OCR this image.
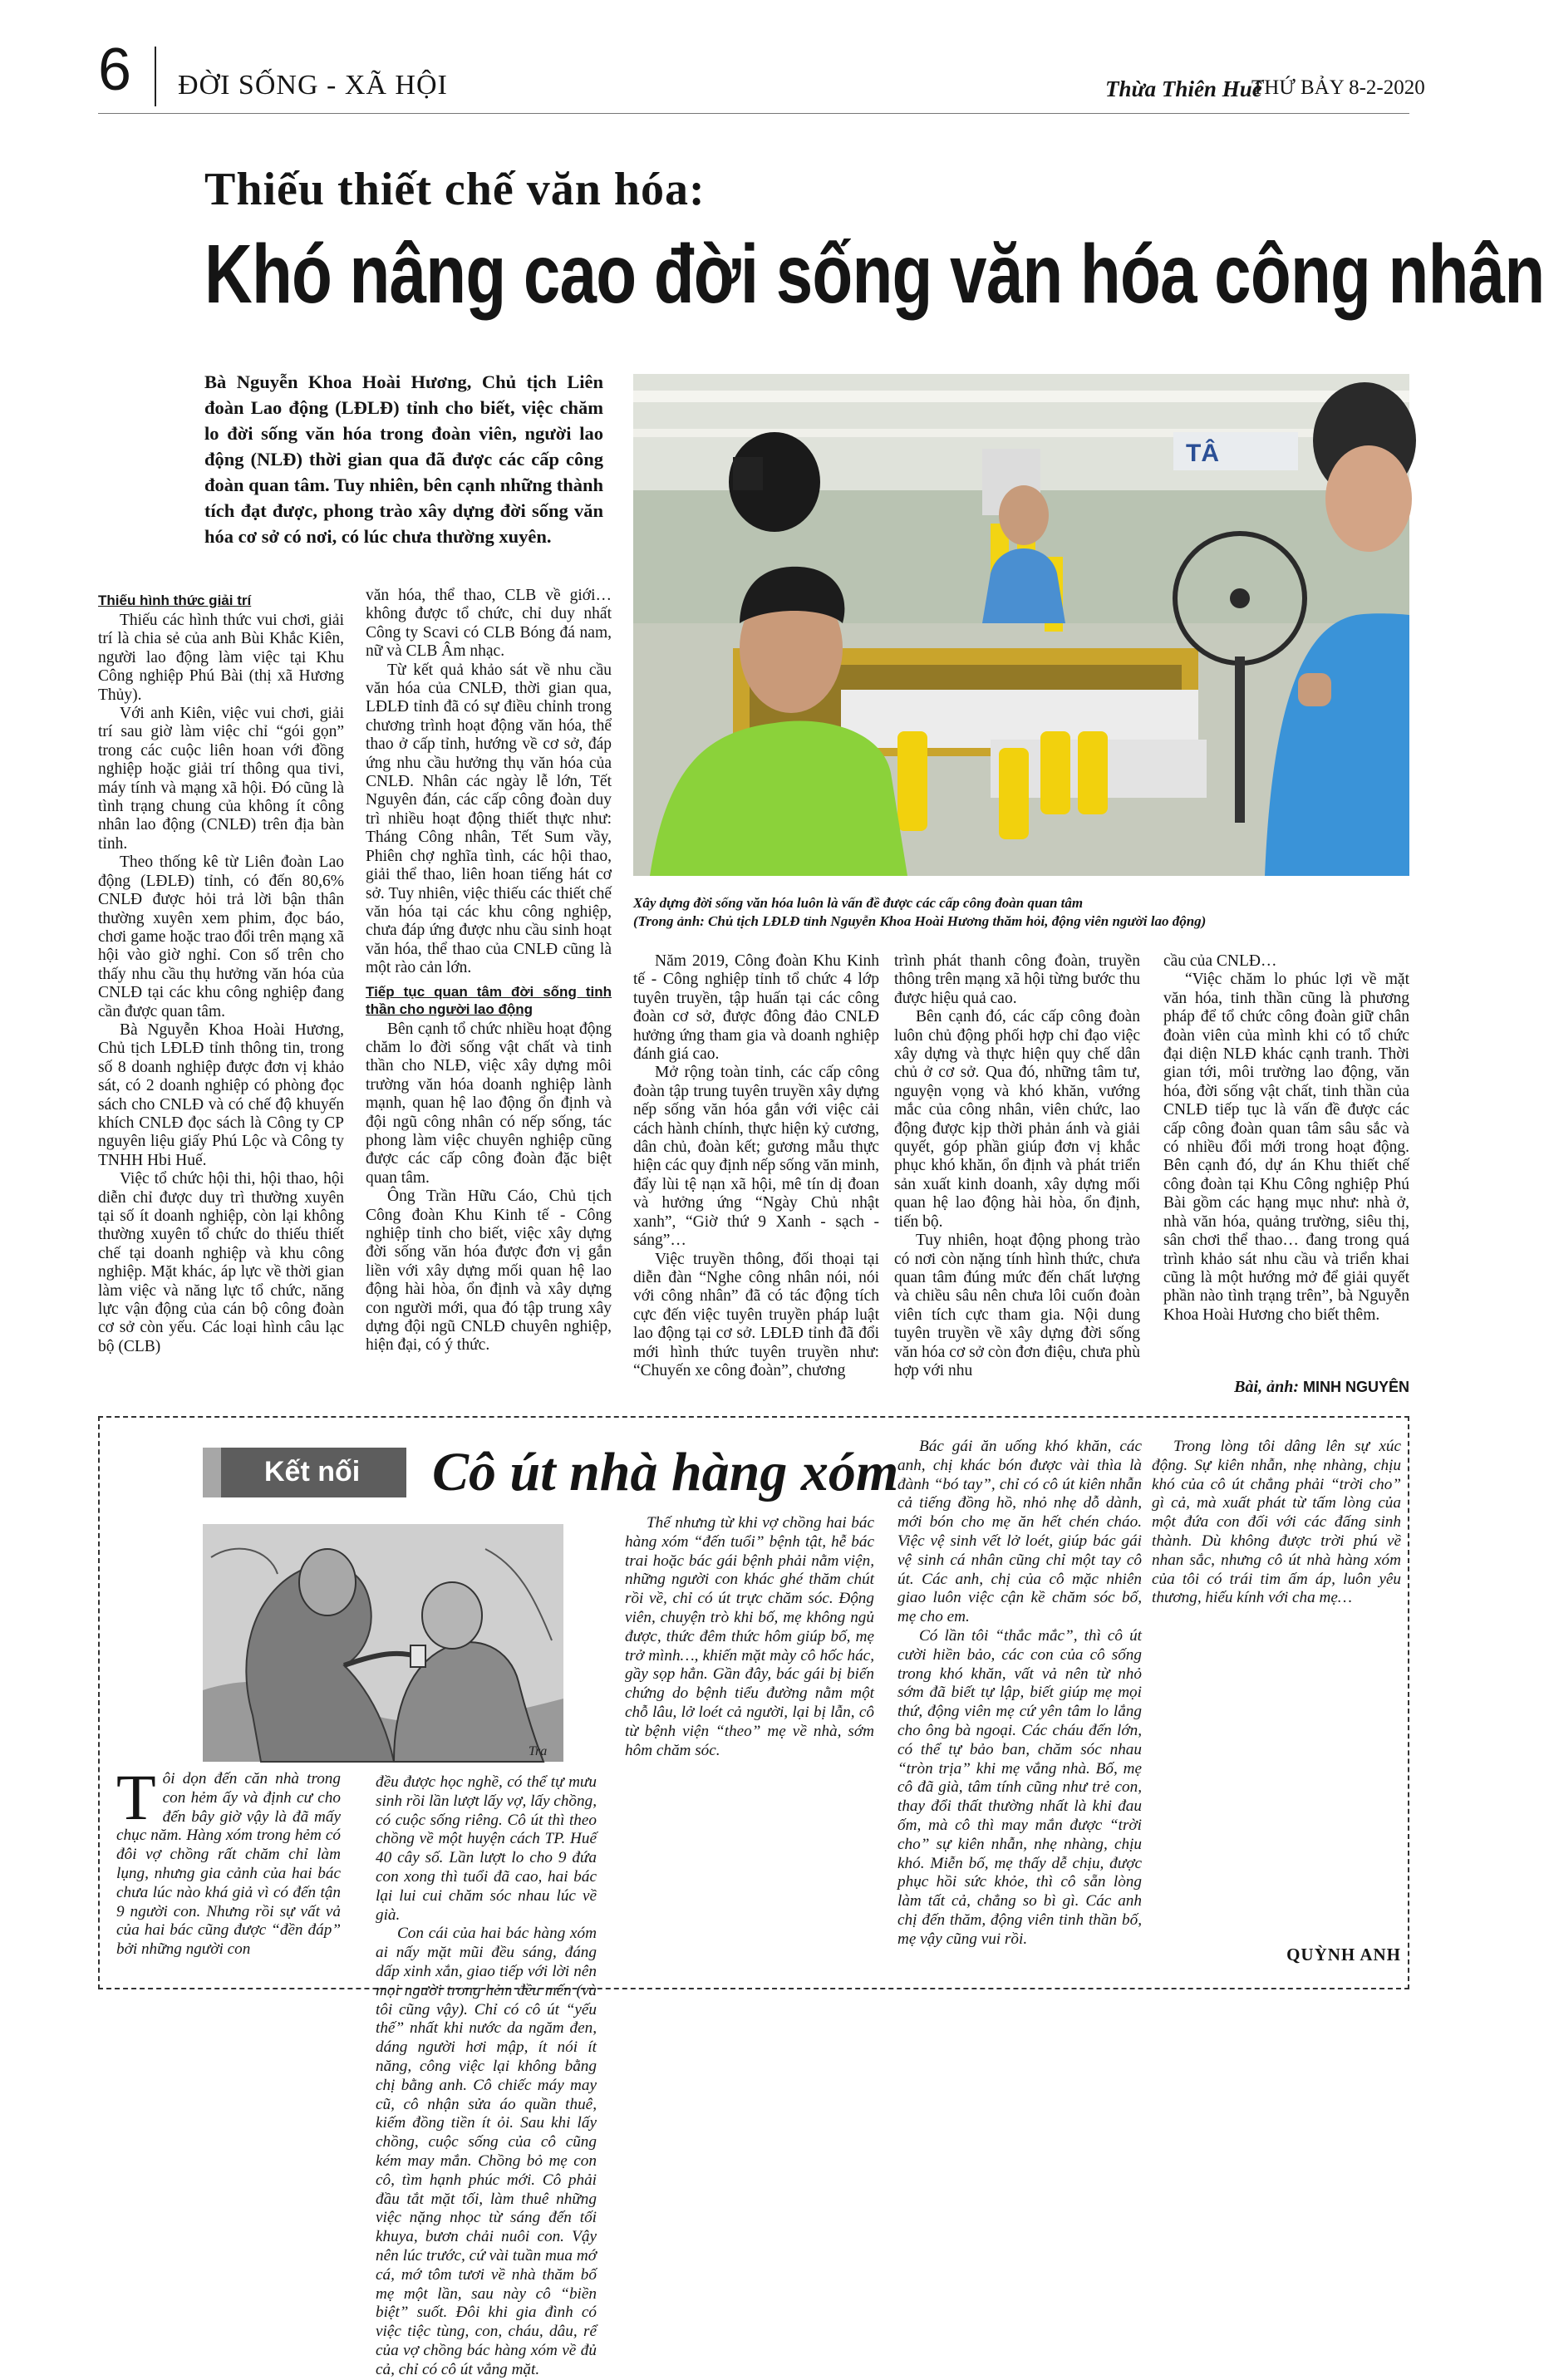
6 ĐỜI SỐNG - XÃ HỘI	Thừa Thiên Huế
THỨ BẢY 8-2-2020
Thiếu thiết chế văn hóa:
Khó nâng cao đời sống văn hóa công nhân
Bà Nguyễn Khoa Hoài Hương, Chủ tịch Liên đoàn Lao động (LĐLĐ) tỉnh cho biết, việc chăm lo đời sống văn hóa trong đoàn viên, người lao động (NLĐ) thời gian qua đã được các cấp công đoàn quan tâm. Tuy nhiên, bên cạnh những thành tích đạt được, phong trào xây dựng đời sống văn hóa cơ sở có nơi, có lúc chưa thường xuyên.
TÂ
Xây dựng đời sống văn hóa luôn là vấn đề được các cấp công đoàn quan tâm
(Trong ảnh: Chủ tịch LĐLĐ tỉnh Nguyễn Khoa Hoài Hương thăm hỏi, động viên người lao động)
Thiếu hình thức giải trí

Thiếu các hình thức vui chơi, giải trí là chia sẻ của anh Bùi Khắc Kiên, người lao động làm việc tại Khu Công nghiệp Phú Bài (thị xã Hương Thủy).

Với anh Kiên, việc vui chơi, giải trí sau giờ làm việc chỉ “gói gọn” trong các cuộc liên hoan với đồng nghiệp hoặc giải trí thông qua tivi, máy tính và mạng xã hội. Đó cũng là tình trạng chung của không ít công nhân lao động (CNLĐ) trên địa bàn tỉnh.

Theo thống kê từ Liên đoàn Lao động (LĐLĐ) tỉnh, có đến 80,6% CNLĐ được hỏi trả lời bận thân thường xuyên xem phim, đọc báo, chơi game hoặc trao đổi trên mạng xã hội vào giờ nghỉ. Con số trên cho thấy nhu cầu thụ hưởng văn hóa của CNLĐ tại các khu công nghiệp đang cần được quan tâm.

Bà Nguyễn Khoa Hoài Hương, Chủ tịch LĐLĐ tỉnh thông tin, trong số 8 doanh nghiệp được đơn vị khảo sát, có 2 doanh nghiệp có phòng đọc sách cho CNLĐ và có chế độ khuyến khích CNLĐ đọc sách là Công ty CP nguyên liệu giấy Phú Lộc và Công ty TNHH Hbi Huế.

Việc tổ chức hội thi, hội thao, hội diễn chỉ được duy trì thường xuyên tại số ít doanh nghiệp, còn lại không thường xuyên tổ chức do thiếu thiết chế tại doanh nghiệp và khu công nghiệp. Mặt khác, áp lực về thời gian làm việc và năng lực tổ chức, năng lực vận động của cán bộ công đoàn cơ sở còn yếu. Các loại hình câu lạc bộ (CLB)

văn hóa, thể thao, CLB về giới… không được tổ chức, chỉ duy nhất Công ty Scavi có CLB Bóng đá nam, nữ và CLB Âm nhạc.

Từ kết quả khảo sát về nhu cầu văn hóa của CNLĐ, thời gian qua, LĐLĐ tỉnh đã có sự điều chỉnh trong chương trình hoạt động văn hóa, thể thao ở cấp tỉnh, hướng về cơ sở, đáp ứng nhu cầu hưởng thụ văn hóa của CNLĐ. Nhân các ngày lễ lớn, Tết Nguyên đán, các cấp công đoàn duy trì nhiều hoạt động thiết thực như: Tháng Công nhân, Tết Sum vầy, Phiên chợ nghĩa tình, các hội thao, giải thể thao, liên hoan tiếng hát cơ sở. Tuy nhiên, việc thiếu các thiết chế văn hóa tại các khu công nghiệp, chưa đáp ứng được nhu cầu sinh hoạt văn hóa, thể thao của CNLĐ cũng là một rào cản lớn.

Tiếp tục quan tâm đời sống tinh thần cho người lao động

Bên cạnh tổ chức nhiều hoạt động chăm lo đời sống vật chất và tinh thần cho NLĐ, việc xây dựng môi trường văn hóa doanh nghiệp lành mạnh, quan hệ lao động ổn định và đội ngũ công nhân có nếp sống, tác phong làm việc chuyên nghiệp cũng được các cấp công đoàn đặc biệt quan tâm.

Ông Trần Hữu Cáo, Chủ tịch Công đoàn Khu Kinh tế - Công nghiệp tỉnh cho biết, việc xây dựng đời sống văn hóa được đơn vị gắn liền với xây dựng mối quan hệ lao động hài hòa, ổn định và xây dựng con người mới, qua đó tập trung xây dựng đội ngũ CNLĐ chuyên nghiệp, hiện đại, có ý thức.

Năm 2019, Công đoàn Khu Kinh tế - Công nghiệp tỉnh tổ chức 4 lớp tuyên truyền, tập huấn tại các công đoàn cơ sở, được đông đảo CNLĐ hưởng ứng tham gia và doanh nghiệp đánh giá cao.

Mở rộng toàn tỉnh, các cấp công đoàn tập trung tuyên truyền xây dựng nếp sống văn hóa gắn với việc cải cách hành chính, thực hiện kỷ cương, dân chủ, đoàn kết; gương mẫu thực hiện các quy định nếp sống văn minh, đẩy lùi tệ nạn xã hội, mê tín dị đoan và hưởng ứng “Ngày Chủ nhật xanh”, “Giờ thứ 9 Xanh - sạch - sáng”…

Việc truyền thông, đối thoại tại diễn đàn “Nghe công nhân nói, nói với công nhân” đã có tác động tích cực đến việc tuyên truyền pháp luật lao động tại cơ sở. LĐLĐ tỉnh đã đổi mới hình thức tuyên truyền như: “Chuyến xe công đoàn”, chương

trình phát thanh công đoàn, truyền thông trên mạng xã hội từng bước thu được hiệu quả cao.

Bên cạnh đó, các cấp công đoàn luôn chủ động phối hợp chỉ đạo việc xây dựng và thực hiện quy chế dân chủ ở cơ sở. Qua đó, những tâm tư, nguyện vọng và khó khăn, vướng mắc của công nhân, viên chức, lao động được kịp thời phản ánh và giải quyết, góp phần giúp đơn vị khắc phục khó khăn, ổn định và phát triển sản xuất kinh doanh, xây dựng mối quan hệ lao động hài hòa, ổn định, tiến bộ.

Tuy nhiên, hoạt động phong trào có nơi còn nặng tính hình thức, chưa quan tâm đúng mức đến chất lượng và chiều sâu nên chưa lôi cuốn đoàn viên tích cực tham gia. Nội dung tuyên truyền về xây dựng đời sống văn hóa cơ sở còn đơn điệu, chưa phù hợp với nhu

cầu của CNLĐ…

“Việc chăm lo phúc lợi về mặt văn hóa, tinh thần cũng là phương pháp để tổ chức công đoàn giữ chân đoàn viên của mình khi có tổ chức đại diện NLĐ khác cạnh tranh. Thời gian tới, môi trường lao động, văn hóa, đời sống vật chất, tinh thần của CNLĐ tiếp tục là vấn đề được các cấp công đoàn quan tâm sâu sắc và có nhiều đổi mới trong hoạt động. Bên cạnh đó, dự án Khu thiết chế công đoàn tại Khu Công nghiệp Phú Bài gồm các hạng mục như: nhà ở, nhà văn hóa, quảng trường, siêu thị, sân chơi thể thao… đang trong quá trình khảo sát nhu cầu và triển khai cũng là một hướng mở để giải quyết phần nào tình trạng trên”, bà Nguyễn Khoa Hoài Hương cho biết thêm.

Bài, ảnh: MINH NGUYÊN
Kết nối Cô út nhà hàng xóm
Tra

Tôi dọn đến căn nhà trong con hẻm ấy và định cư cho đến bây giờ vậy là đã mấy chục năm. Hàng xóm trong hẻm có đôi vợ chồng rất chăm chỉ làm lụng, nhưng gia cảnh của hai bác chưa lúc nào khá giả vì có đến tận 9 người con. Nhưng rồi sự vất vả của hai bác cũng được “đền đáp” bởi những người con

đều được học nghề, có thể tự mưu sinh rồi lần lượt lấy vợ, lấy chồng, có cuộc sống riêng. Cô út thì theo chồng về một huyện cách TP. Huế 40 cây số. Lần lượt lo cho 9 đứa con xong thì tuổi đã cao, hai bác lại lui cui chăm sóc nhau lúc về già.

Con cái của hai bác hàng xóm ai nấy mặt mũi đều sáng, đáng dấp xinh xắn, giao tiếp với lời nên mọi người trong hẻm đều mến (và tôi cũng vậy). Chỉ có cô út “yếu thế” nhất khi nước da ngăm đen, dáng người hơi mập, ít nói ít năng, công việc lại không bằng chị bằng anh. Cô chiếc máy may cũ, cô nhận sửa áo quần thuê, kiếm đồng tiền ít ỏi. Sau khi lấy chồng, cuộc sống của cô cũng kém may mắn. Chồng bỏ mẹ con cô, tìm hạnh phúc mới. Cô phải đầu tắt mặt tối, làm thuê những việc nặng nhọc từ sáng đến tối khuya, bươn chải nuôi con. Vậy nên lúc trước, cứ vài tuần mua mớ cá, mớ tôm tươi về nhà thăm bố mẹ một lần, sau này cô “biền biệt” suốt. Đôi khi gia đình có việc tiệc tùng, con, cháu, dâu, rể của vợ chồng bác hàng xóm về đủ cả, chỉ có cô út vắng mặt.

Thế nhưng từ khi vợ chồng hai bác hàng xóm “đến tuổi” bệnh tật, hễ bác trai hoặc bác gái bệnh phải nằm viện, những người con khác ghé thăm chút rồi về, chỉ có út trực chăm sóc. Động viên, chuyện trò khi bố, mẹ không ngủ được, thức đêm thức hôm giúp bố, mẹ trở mình…, khiến mặt mày cô hốc hác, gầy sọp hẳn. Gần đây, bác gái bị biến chứng do bệnh tiểu đường nằm một chỗ lâu, lở loét cả người, lại bị lẫn, cô từ bệnh viện “theo” mẹ về nhà, sớm hôm chăm sóc.

Bác gái ăn uống khó khăn, các anh, chị khác bón được vài thìa là đành “bó tay”, chỉ có cô út kiên nhẫn cả tiếng đồng hồ, nhỏ nhẹ dỗ dành, mới bón cho mẹ ăn hết chén cháo. Việc vệ sinh vết lở loét, giúp bác gái vệ sinh cá nhân cũng chỉ một tay cô út. Các anh, chị của cô mặc nhiên giao luôn việc cận kề chăm sóc bố, mẹ cho em.

Có lần tôi “thắc mắc”, thì cô út cười hiền bảo, các con của cô sống trong khó khăn, vất vả nên từ nhỏ sớm đã biết tự lập, biết giúp mẹ mọi thứ, động viên mẹ cứ yên tâm lo lắng cho ông bà ngoại. Các cháu đến lớn, có thể tự bảo ban, chăm sóc nhau “tròn trịa” khi mẹ vắng nhà. Bố, mẹ cô đã già, tâm tính cũng như trẻ con, thay đổi thất thường nhất là khi đau ốm, mà cô thì may mắn được “trời cho” sự kiên nhẫn, nhẹ nhàng, chịu khó. Miễn bố, mẹ thấy dễ chịu, được phục hồi sức khỏe, thì cô sẵn lòng làm tất cả, chẳng so bì gì. Các anh chị đến thăm, động viên tinh thần bố, mẹ vậy cũng vui rồi.

Trong lòng tôi dâng lên sự xúc động. Sự kiên nhẫn, nhẹ nhàng, chịu khó của cô út chẳng phải “trời cho” gì cả, mà xuất phát từ tấm lòng của một đứa con đối với các đấng sinh thành. Dù không được trời phú về nhan sắc, nhưng cô út nhà hàng xóm của tôi có trái tim ấm áp, luôn yêu thương, hiếu kính với cha mẹ…

QUỲNH ANH
